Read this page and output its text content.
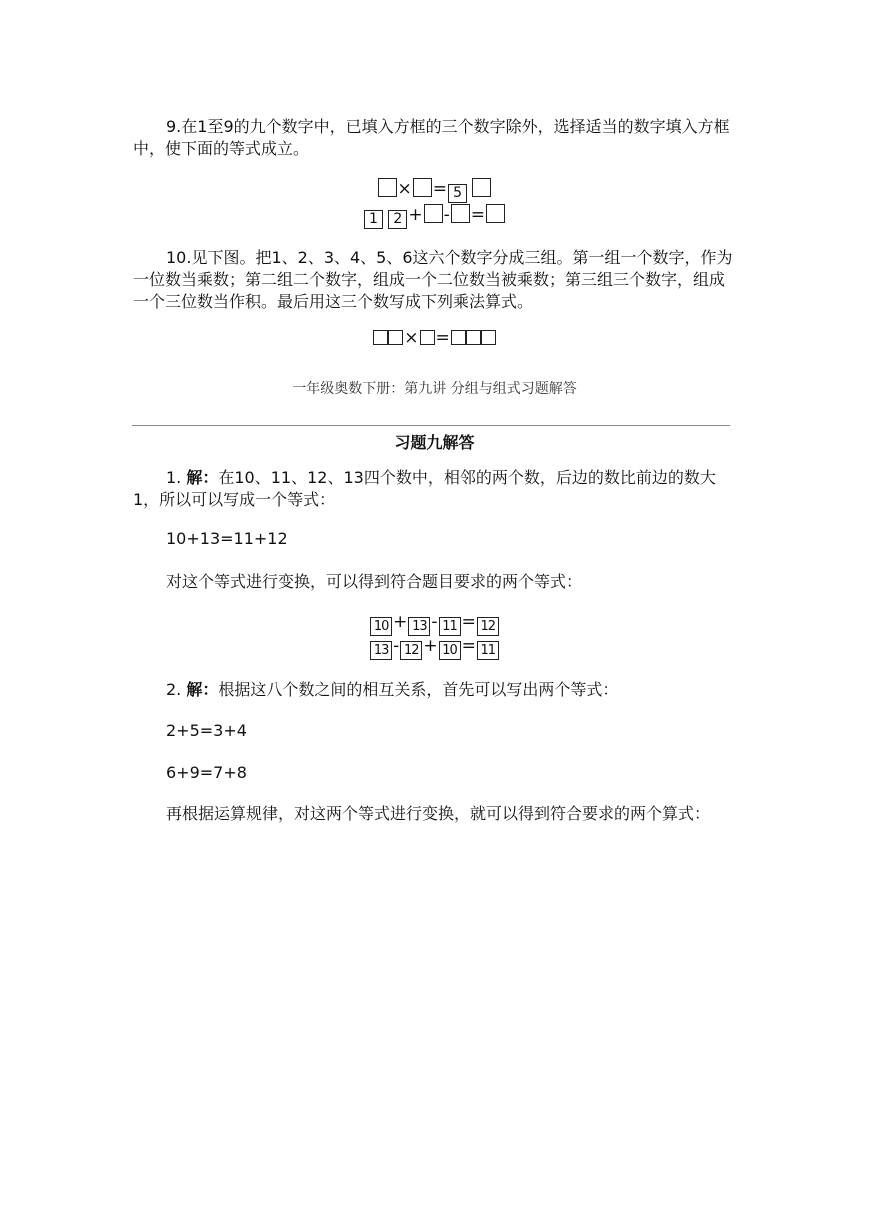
9.在1至9的九个数字中，已填入方框的三个数字除外，选择适当的数字填入方框中，使下面的等式成立。

× = 5
1 2 + - =

10.见下图。把1、2、3、4、5、6这六个数字分成三组。第一组一个数字，作为一位数当乘数；第二组二个数字，组成一个二位数当被乘数；第三组三个数字，组成一个三位数当作积。最后用这三个数写成下列乘法算式。

× =
一年级奥数下册：第九讲 分组与组式习题解答
习题九解答

1. 解：在10、11、12、13四个数中，相邻的两个数，后边的数比前边的数大1，所以可以写成一个等式：

10+13=11+12

对这个等式进行变换，可以得到符合题目要求的两个等式：

10 + 13 - 11 = 12
13 - 12 + 10 = 11

2. 解：根据这八个数之间的相互关系，首先可以写出两个等式：

2+5=3+4

6+9=7+8

再根据运算规律，对这两个等式进行变换，就可以得到符合要求的两个算式：
